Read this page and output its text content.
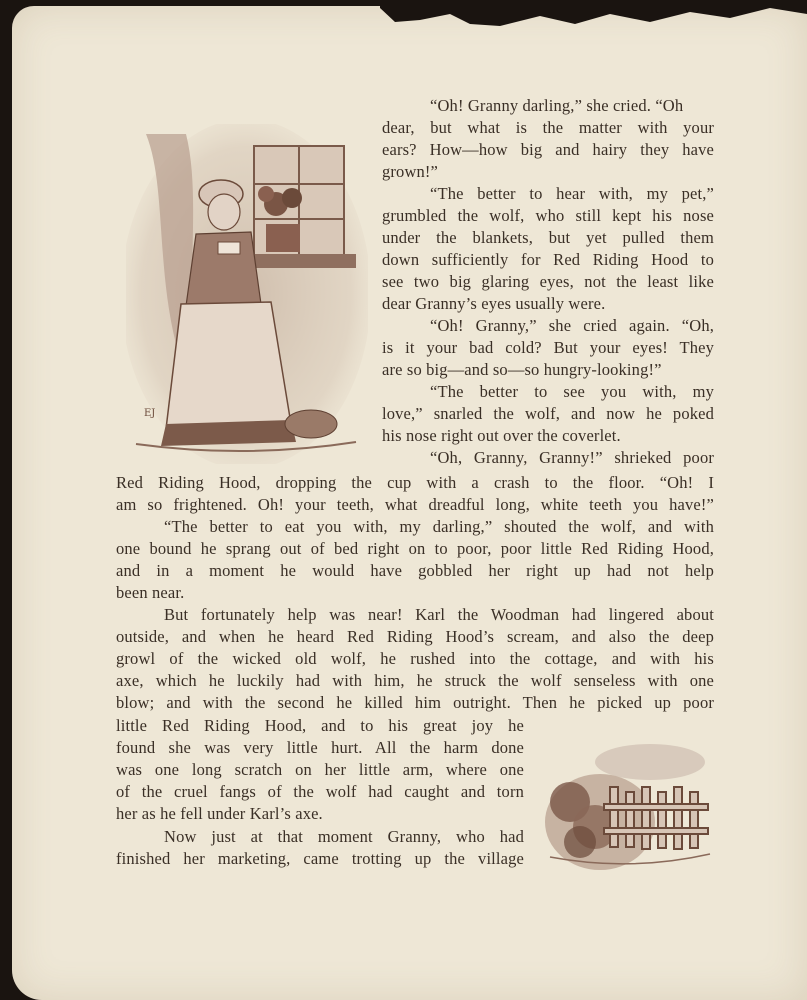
EJ
“Oh! Granny darling,” she cried. “Oh
dear, but what is the matter with your
ears? How—how big and hairy they have
grown!”
“The better to hear with, my pet,”
grumbled the wolf, who still kept his nose
under the blankets, but yet pulled them
down sufficiently for Red Riding Hood to
see two big glaring eyes, not the least like
dear Granny’s eyes usually were.
“Oh! Granny,” she cried again. “Oh,
is it your bad cold? But your eyes! They
are so big—and so—so hungry-looking!”
“The better to see you with, my
love,” snarled the wolf, and now he poked
his nose right out over the coverlet.
“Oh, Granny, Granny!” shrieked poor
Red Riding Hood, dropping the cup with a crash to the floor. “Oh! I
am so frightened. Oh! your teeth, what dreadful long, white teeth you have!”
“The better to eat you with, my darling,” shouted the wolf, and with
one bound he sprang out of bed right on to poor, poor little Red Riding Hood,
and in a moment he would have gobbled her right up had not help
been near.
But fortunately help was near! Karl the Woodman had lingered about
outside, and when he heard Red Riding Hood’s scream, and also the deep
growl of the wicked old wolf, he rushed into the cottage, and with his
axe, which he luckily had with him, he struck the wolf senseless with one
blow; and with the second he killed him outright. Then he picked up poor
little Red Riding Hood, and to his great joy he
found she was very little hurt. All the harm done
was one long scratch on her little arm, where one
of the cruel fangs of the wolf had caught and torn
her as he fell under Karl’s axe.
Now just at that moment Granny, who had
finished her marketing, came trotting up the village
